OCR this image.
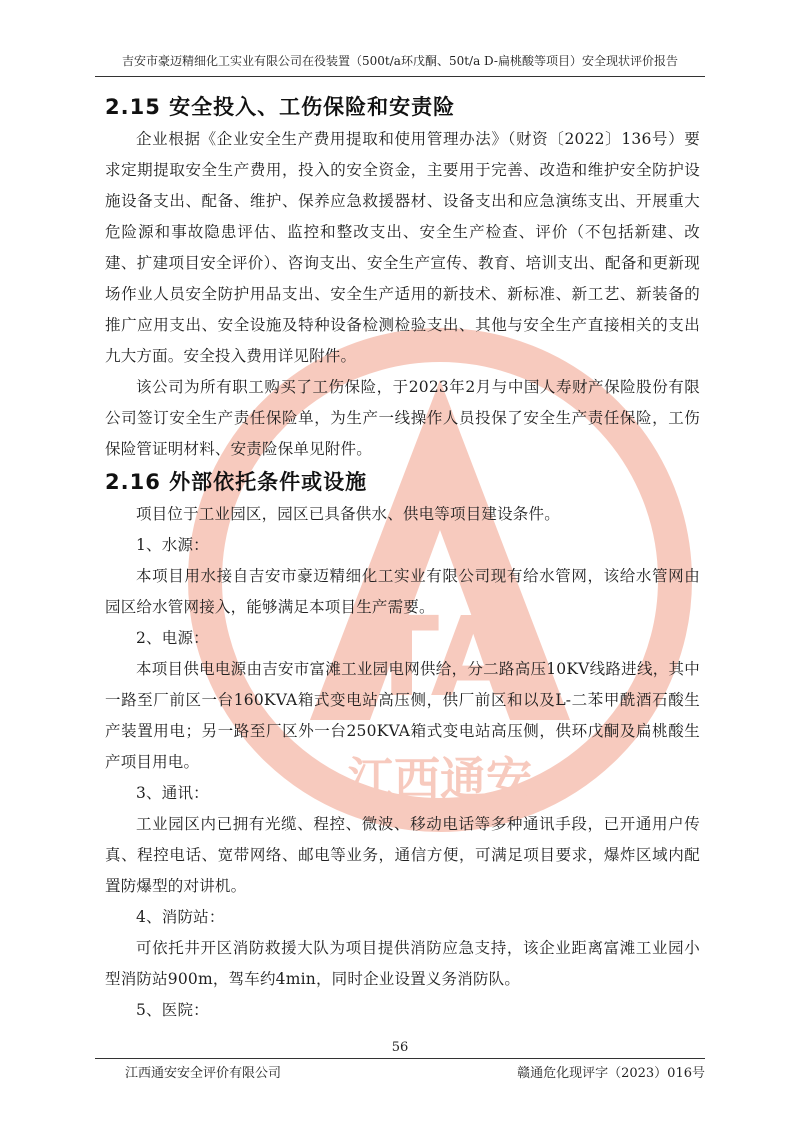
吉安市豪迈精细化工实业有限公司在役装置（500t/a环戊酮、50t/a D-扁桃酸等项目）安全现状评价报告
TA
江西通安
2.15 安全投入、工伤保险和安责险

企业根据《企业安全生产费用提取和使用管理办法》（财资〔2022〕136号）要求定期提取安全生产费用，投入的安全资金，主要用于完善、改造和维护安全防护设施设备支出、配备、维护、保养应急救援器材、设备支出和应急演练支出、开展重大危险源和事故隐患评估、监控和整改支出、安全生产检查、评价（不包括新建、改建、扩建项目安全评价）、咨询支出、安全生产宣传、教育、培训支出、配备和更新现场作业人员安全防护用品支出、安全生产适用的新技术、新标准、新工艺、新装备的推广应用支出、安全设施及特种设备检测检验支出、其他与安全生产直接相关的支出九大方面。安全投入费用详见附件。

该公司为所有职工购买了工伤保险，于2023年2月与中国人寿财产保险股份有限公司签订安全生产责任保险单，为生产一线操作人员投保了安全生产责任保险，工伤保险管证明材料、安责险保单见附件。

2.16 外部依托条件或设施

项目位于工业园区，园区已具备供水、供电等项目建设条件。

1、水源：

本项目用水接自吉安市豪迈精细化工实业有限公司现有给水管网，该给水管网由园区给水管网接入，能够满足本项目生产需要。

2、电源：

本项目供电电源由吉安市富滩工业园电网供给，分二路高压10KV线路进线，其中一路至厂前区一台160KVA箱式变电站高压侧，供厂前区和以及L-二苯甲酰酒石酸生产装置用电；另一路至厂区外一台250KVA箱式变电站高压侧，供环戊酮及扁桃酸生产项目用电。

3、通讯：

工业园区内已拥有光缆、程控、微波、移动电话等多种通讯手段，已开通用户传真、程控电话、宽带网络、邮电等业务，通信方便，可满足项目要求，爆炸区域内配置防爆型的对讲机。

4、消防站：

可依托井开区消防救援大队为项目提供消防应急支持，该企业距离富滩工业园小型消防站900m，驾车约4min，同时企业设置义务消防队。

5、医院：

56
江西通安安全评价有限公司	赣通危化现评字（2023）016号
